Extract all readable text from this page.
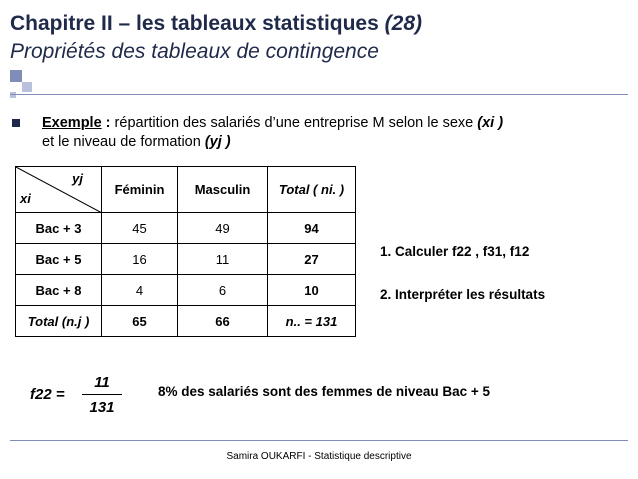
Chapitre II – les tableaux statistiques (28)
Propriétés des tableaux de contingence
Exemple : répartition des salariés d’une entreprise M selon le sexe (xi )
et le niveau de formation (yj )
yj
xi	Féminin	Masculin	Total ( ni. )
Bac + 3	45	49	94
Bac + 5	16	11	27
Bac + 8	4	6	10
Total (n.j )	65	66	n.. = 131
1. Calculer f22 , f31, f12
2. Interpréter les résultats
f22 =
11
131
8% des salariés sont des femmes de niveau Bac + 5
Samira OUKARFI - Statistique descriptive
